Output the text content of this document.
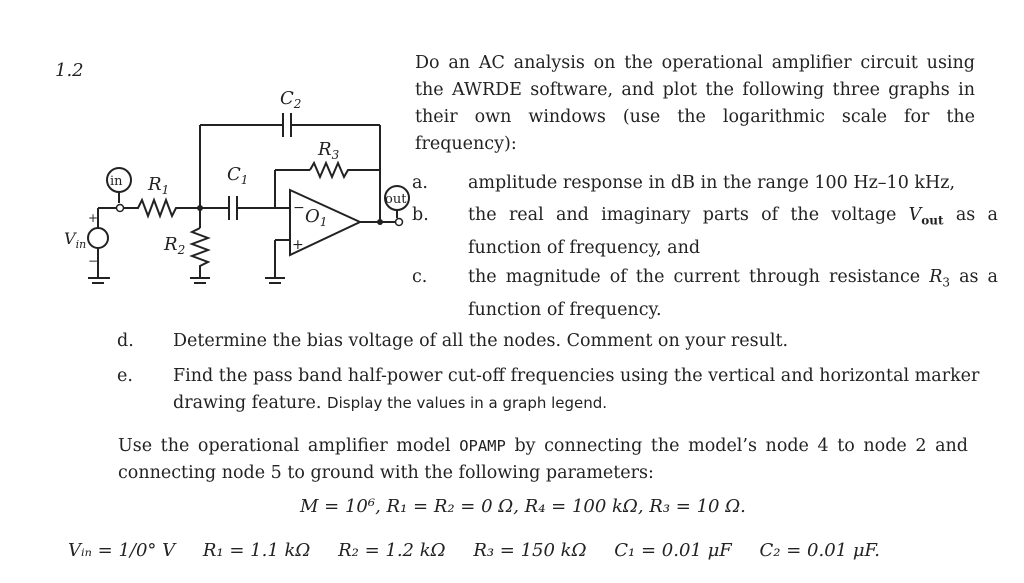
1.2
$C_2$
$R_3$
$R_1$
$C_1$
$O_1$
$R_2$
$V_{in}$
in
out
−
+
+
−
Do an AC analysis on the operational amplifier circuit using the AWRDE software, and plot the following three graphs in their own windows (use the logarithmic scale for the frequency):
a. amplitude response in dB in the range 100 Hz–10 kHz,
b. the real and imaginary parts of the voltage $V_{out}$ as a function of frequency, and
c. the magnitude of the current through resistance $R_3$ as a function of frequency.
d. Determine the bias voltage of all the nodes. Comment on your result.
e. Find the pass band half-power cut-off frequencies using the vertical and horizontal marker drawing feature. Display the values in a graph legend.
Use the operational amplifier model OPAMP by connecting the model’s node 4 to node 2 and connecting node 5 to ground with the following parameters:
M = 10⁶, R₁ = R₂ = 0 Ω, R₄ = 100 kΩ, R₃ = 10 Ω.
Vᵢₙ = 1/0° V R₁ = 1.1 kΩ R₂ = 1.2 kΩ R₃ = 150 kΩ C₁ = 0.01 μF C₂ = 0.01 μF.
